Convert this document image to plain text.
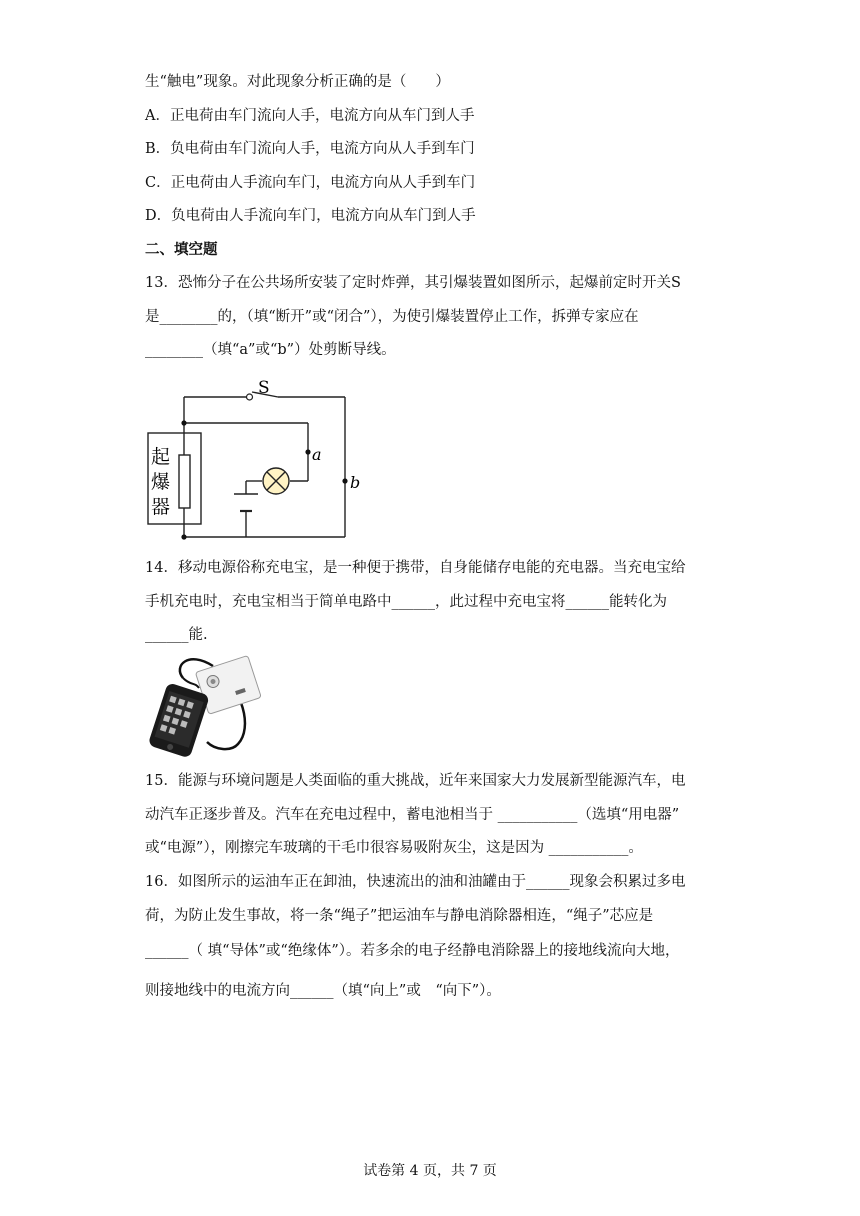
生“触电”现象。对此现象分析正确的是（　　）
A．正电荷由车门流向人手，电流方向从车门到人手
B．负电荷由车门流向人手，电流方向从人手到车门
C．正电荷由人手流向车门，电流方向从人手到车门
D．负电荷由人手流向车门，电流方向从车门到人手
二、填空题
13．恐怖分子在公共场所安装了定时炸弹，其引爆装置如图所示，起爆前定时开关S
是________的，（填“断开”或“闭合”），为使引爆装置停止工作，拆弹专家应在
________（填“a”或“b”）处剪断导线。
S
a
b
起
爆
器
14．移动电源俗称充电宝，是一种便于携带，自身能储存电能的充电器。当充电宝给
手机充电时，充电宝相当于简单电路中______，此过程中充电宝将______能转化为
______能.
15．能源与环境问题是人类面临的重大挑战，近年来国家大力发展新型能源汽车，电
动汽车正逐步普及。汽车在充电过程中，蓄电池相当于 ___________（选填“用电器”
或“电源”），刚擦完车玻璃的干毛巾很容易吸附灰尘，这是因为 ___________。
16．如图所示的运油车正在卸油，快速流出的油和油罐由于______现象会积累过多电
荷，为防止发生事故，将一条“绳子”把运油车与静电消除器相连，“绳子”芯应是
______（ 填“导体”或“绝缘体”）。若多余的电子经静电消除器上的接地线流向大地，
则接地线中的电流方向______（填“向上”或　“向下”）。
试卷第 4 页，共 7 页
